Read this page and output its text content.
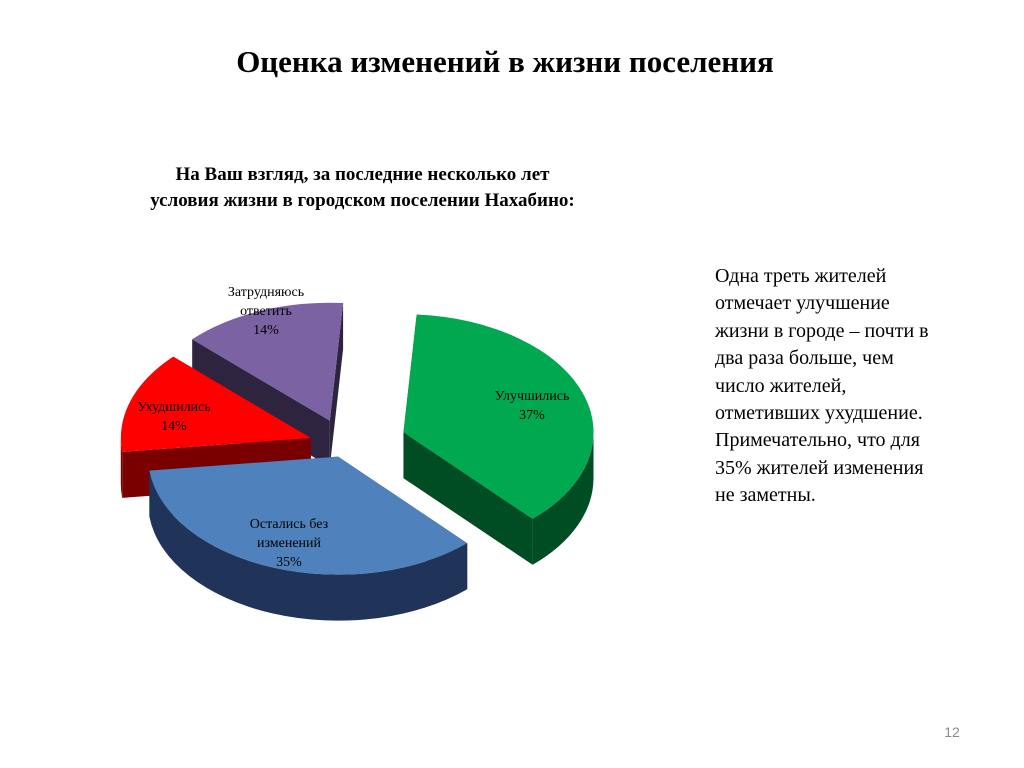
Оценка изменений в жизни поселения
На Ваш взгляд, за последние несколько лет
условия жизни в городском поселении Нахабино:
Улучшились 37%
Остались без изменений 35%
Ухудшились 14%
Затрудняюсь ответить 14%
Одна треть жителей
отмечает улучшение
жизни в городе – почти в
два раза больше, чем
число жителей,
отметивших ухудшение.
Примечательно, что для
35% жителей изменения
не заметны.
12
